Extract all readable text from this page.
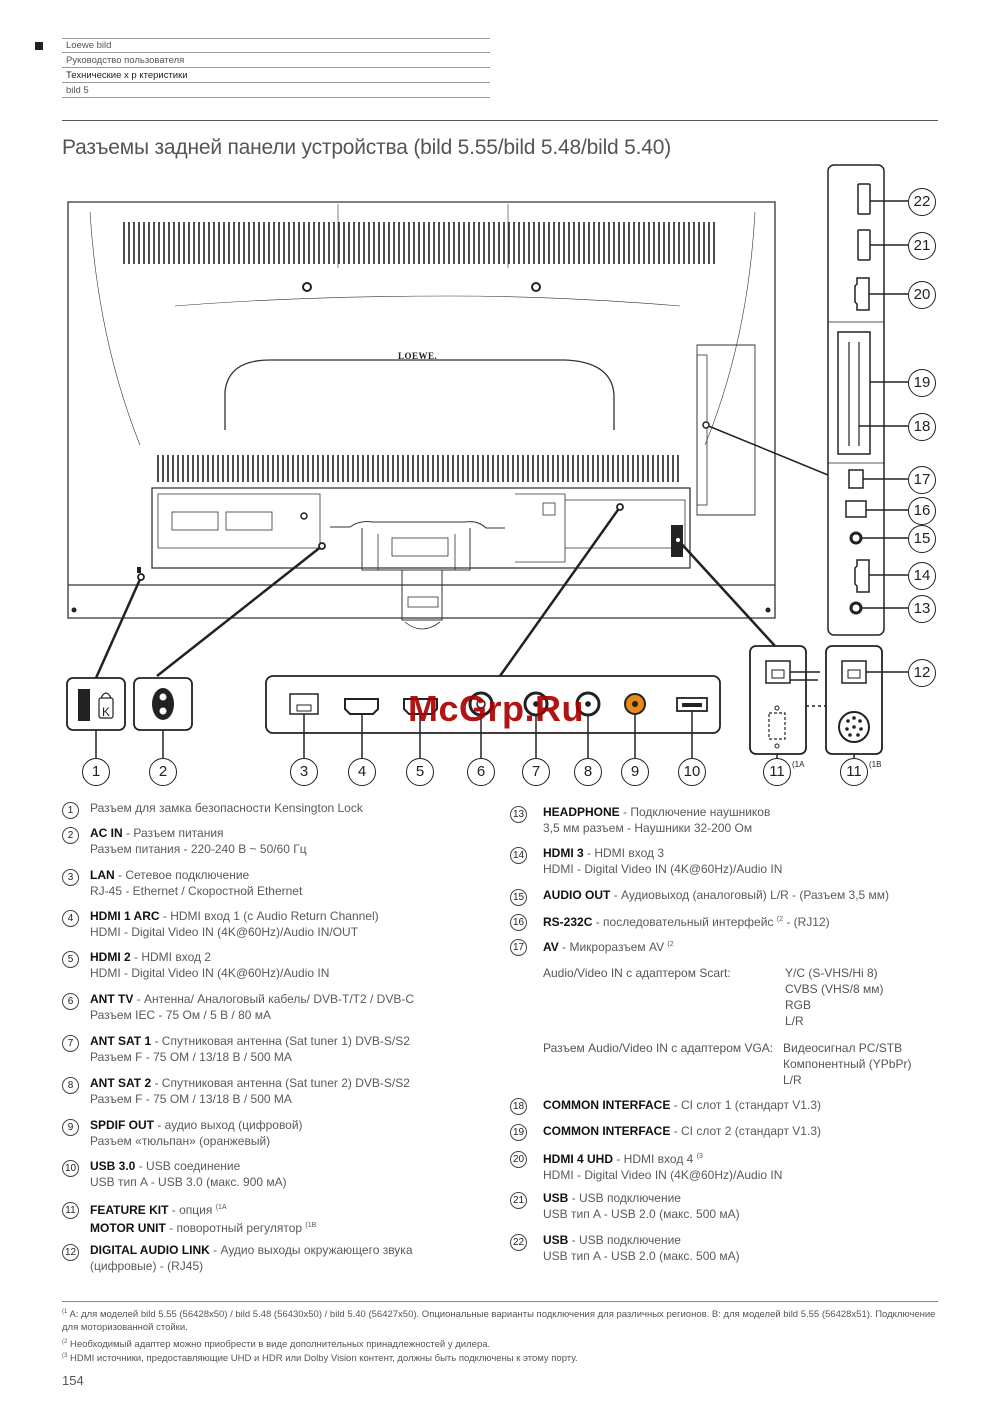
Loewe bild
Руководство пользователя
Технические х р ктеристики
bild 5
Разъемы задней панели устройства (bild 5.55/bild 5.48/bild 5.40)
K
LOEWE.
1	2	3	4	5	6	7	8	9	10	11 (1A	11 (1B
12
13
14
15
16
17
18
19
20
21
22
McGrp.Ru
1	Разъем для замка безопасности Kensington Lock
2	AC IN - Разъем питания
Разъем питания - 220-240 В ~ 50/60 Гц
3	LAN - Сетевое подключение
RJ-45 - Ethernet / Скоростной Ethernet
4	HDMI 1 ARC - HDMI вход 1 (с Audio Return Channel)
HDMI - Digital Video IN (4K@60Hz)/Audio IN/OUT
5	HDMI 2 - HDMI вход 2
HDMI - Digital Video IN (4K@60Hz)/Audio IN
6	ANT TV - Антенна/ Аналоговый кабель/ DVB-T/T2 / DVB-C
Разъем IEC - 75 Ом / 5 В / 80 мА
7	ANT SAT 1 - Спутниковая антенна (Sat tuner 1) DVB-S/S2
Разъем F - 75 ОМ / 13/18 В / 500 МА
8	ANT SAT 2 - Спутниковая антенна (Sat tuner 2) DVB-S/S2
Разъем F - 75 ОМ / 13/18 В / 500 МА
9	SPDIF OUT - аудио выход (цифровой)
Разъем «тюльпан» (оранжевый)
10 USB 3.0 - USB соединение
USB тип A - USB 3.0 (макс. 900 мА)
11 FEATURE KIT - опция $^{(1A}$
MOTOR UNIT - поворотный регулятор $^{(1B}$
12 DIGITAL AUDIO LINK - Аудио выходы окружающего звука
(цифровые) - (RJ45)
13 HEADPHONE - Подключение наушников
3,5 мм разъем - Наушники 32-200 Ом
14 HDMI 3 - HDMI вход 3
HDMI - Digital Video IN (4K@60Hz)/Audio IN
15 AUDIO OUT - Аудиовыход (аналоговый) L/R - (Разъем 3,5 мм)
16 RS-232C - последовательный интерфейс $^{(2}$ - (RJ12)
17 AV - Микроразъем AV $^{(2}$
Audio/Video IN с адаптером Scart:	Y/C (S-VHS/Hi 8)
CVBS (VHS/8 мм)
RGB
L/R
Разъем Audio/Video IN с адаптером VGA: Видеосигнал PC/STB
Компонентный (YPbPr)
L/R
18 COMMON INTERFACE - CI слот 1 (стандарт V1.3)
19 COMMON INTERFACE - CI слот 2 (стандарт V1.3)
20 HDMI 4 UHD - HDMI вход 4 $^{(3}$
HDMI - Digital Video IN (4K@60Hz)/Audio IN
21 USB - USB подключение
USB тип A - USB 2.0 (макс. 500 мА)
22 USB - USB подключение
USB тип A - USB 2.0 (макс. 500 мА)
$^{(1}$ A: для моделей bild 5.55 (56428x50) / bild 5.48 (56430x50) / bild 5.40 (56427x50). Опциональные варианты подключения для различных регионов. B: для моделей bild 5.55 (56428x51). Подключение для моторизованной стойки.
$^{(2}$ Необходимый адаптер можно приобрести в виде дополнительных принадлежностей у дилера.
$^{(3}$ HDMI источники, предоставляющие UHD и HDR или Dolby Vision контент, должны быть подключены к этому порту.
154
